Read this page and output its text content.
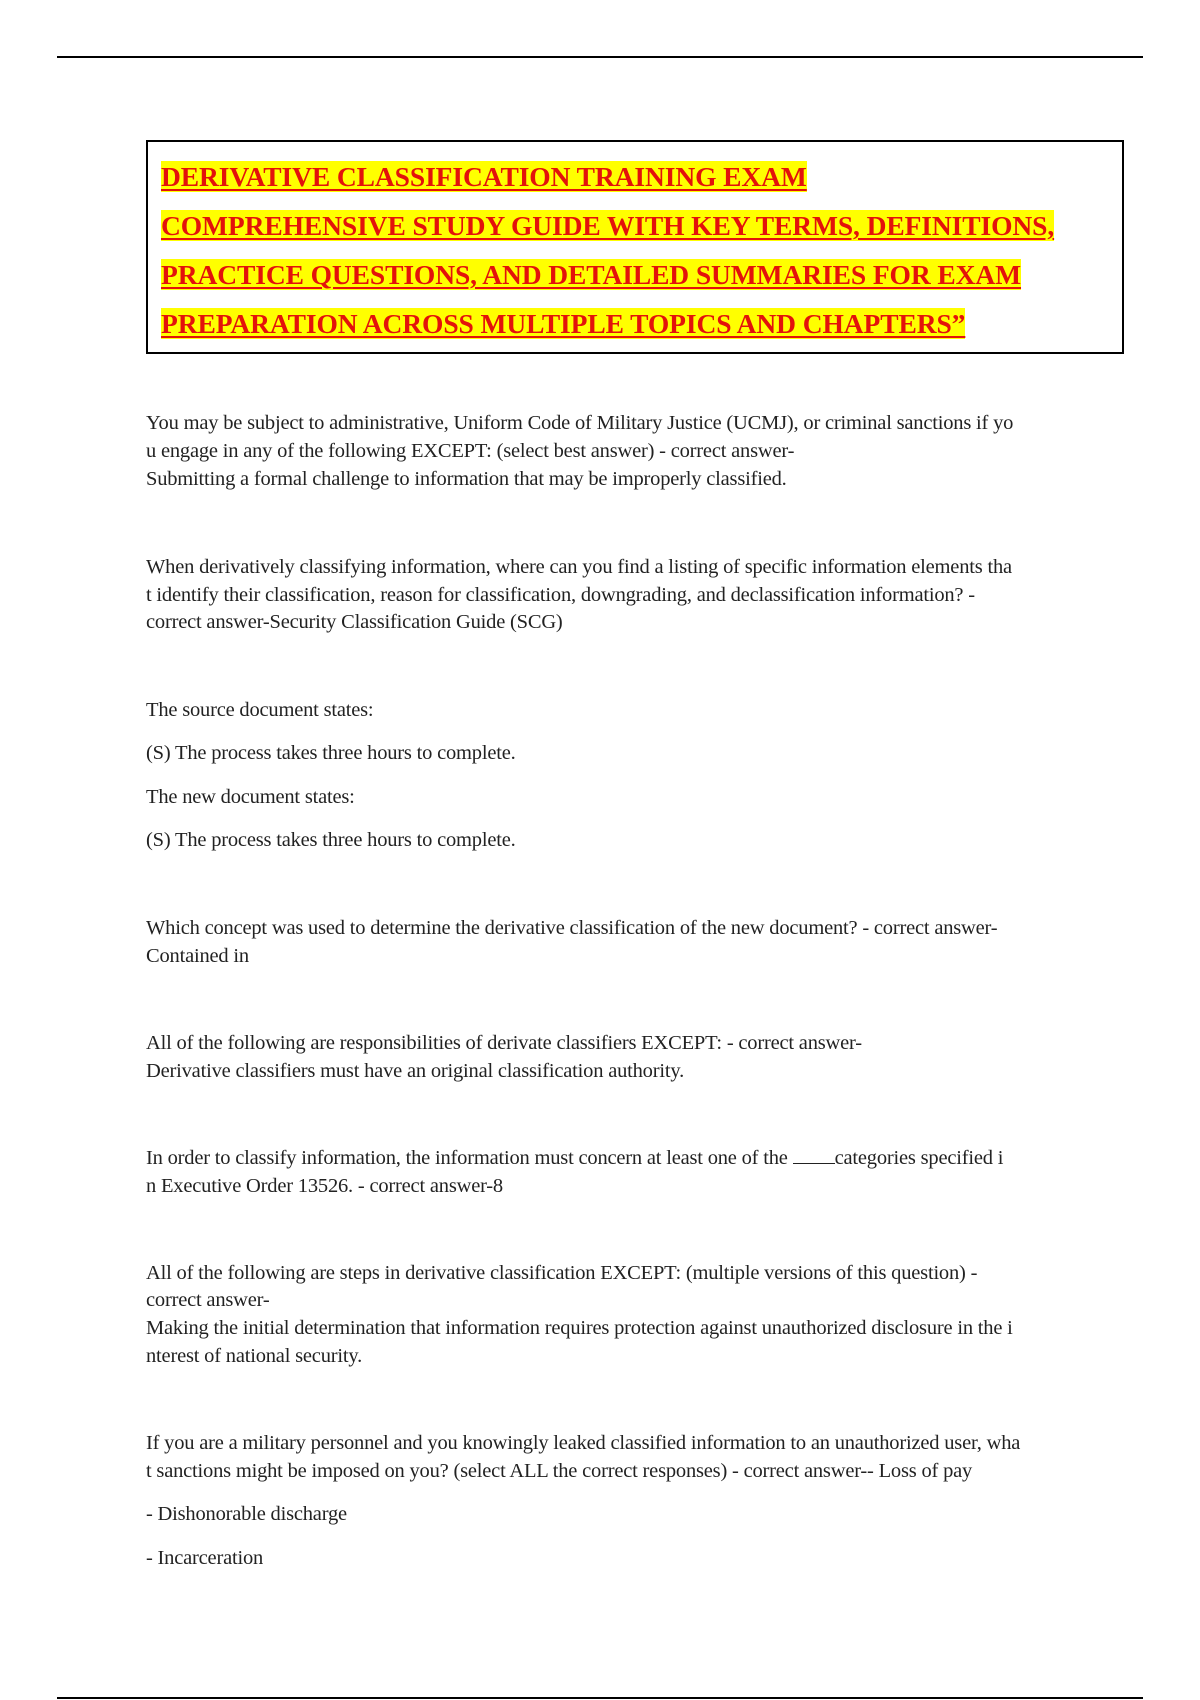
DERIVATIVE CLASSIFICATION TRAINING EXAM
COMPREHENSIVE STUDY GUIDE WITH KEY TERMS, DEFINITIONS,
PRACTICE QUESTIONS, AND DETAILED SUMMARIES FOR EXAM
PREPARATION ACROSS MULTIPLE TOPICS AND CHAPTERS”
You may be subject to administrative, Uniform Code of Military Justice (UCMJ), or criminal sanctions if yo
u engage in any of the following EXCEPT: (select best answer) - correct answer-
Submitting a formal challenge to information that may be improperly classified.
When derivatively classifying information, where can you find a listing of specific information elements tha
t identify their classification, reason for classification, downgrading, and declassification information? -
correct answer-Security Classification Guide (SCG)
The source document states:
(S) The process takes three hours to complete.
The new document states:
(S) The process takes three hours to complete.
Which concept was used to determine the derivative classification of the new document? - correct answer-
Contained in
All of the following are responsibilities of derivate classifiers EXCEPT: - correct answer-
Derivative classifiers must have an original classification authority.
In order to classify information, the information must concern at least one of the categories specified i
n Executive Order 13526. - correct answer-8
All of the following are steps in derivative classification EXCEPT: (multiple versions of this question) -
correct answer-
Making the initial determination that information requires protection against unauthorized disclosure in the i
nterest of national security.
If you are a military personnel and you knowingly leaked classified information to an unauthorized user, wha
t sanctions might be imposed on you? (select ALL the correct responses) - correct answer-- Loss of pay
- Dishonorable discharge
- Incarceration
